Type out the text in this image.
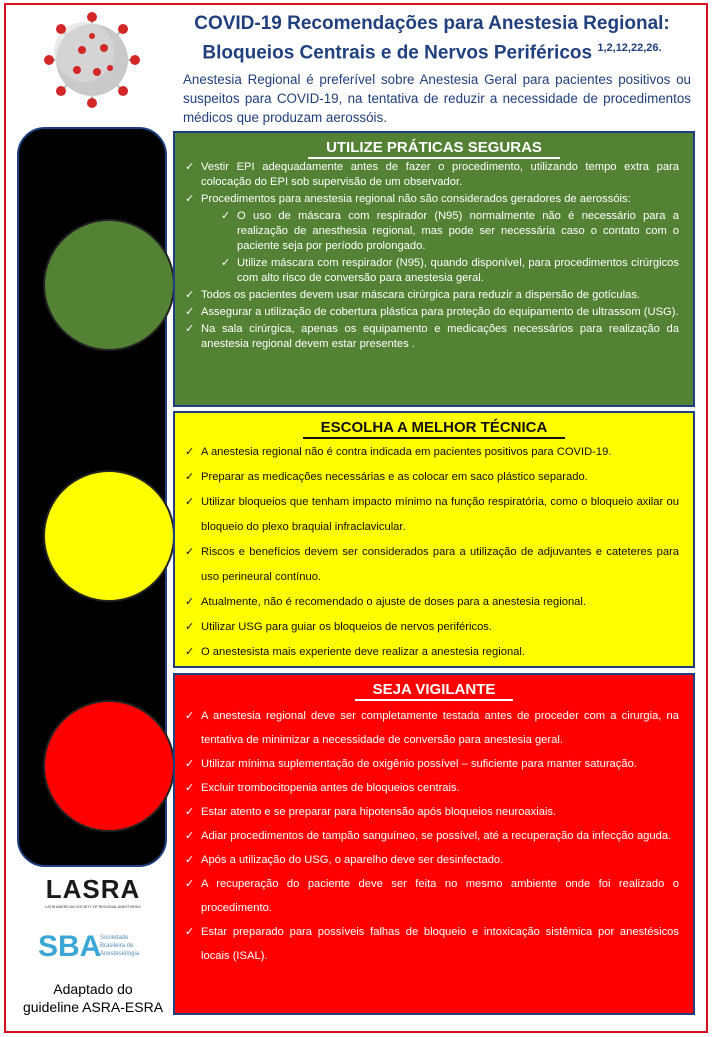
COVID-19 Recomendações para Anestesia Regional:
Bloqueios Centrais e de Nervos Periféricos $^{1,2,12,22,26.}$
Anestesia Regional é preferível sobre Anestesia Geral para pacientes positivos ou suspeitos para COVID-19, na tentativa de reduzir a necessidade de procedimentos médicos que produzam aerossóis.
LASRA
LATIN AMERICAN SOCIETY OF REGIONAL ANESTHESIA
SBA
Sociedade
Brasileira de
Anestesiologia
Adaptado do
guideline ASRA-ESRA
UTILIZE PRÁTICAS SEGURAS
✓ Vestir EPI adequadamente antes de fazer o procedimento, utilizando tempo extra para colocação do EPI sob supervisão de um observador.
✓ Procedimentos para anestesia regional não são considerados geradores de aerossóis:
✓ O uso de máscara com respirador (N95) normalmente não é necessário para a realização de anesthesia regional, mas pode ser necessária caso o contato com o paciente seja por período prolongado.
✓ Utilize máscara com respirador (N95), quando disponível, para procedimentos cirúrgicos com alto risco de conversão para anestesia geral.
✓ Todos os pacientes devem usar máscara cirúrgica para reduzir a dispersão de gotículas.
✓ Assegurar a utilização de cobertura plástica para proteção do equipamento de ultrassom (USG).
✓ Na sala cirúrgica, apenas os equipamento e medicações necessários para realização da anestesia regional devem estar presentes .
ESCOLHA A MELHOR TÉCNICA
✓ A anestesia regional não é contra indicada em pacientes positivos para COVID-19.
✓ Preparar as medicações necessárias e as colocar em saco plástico separado.
✓ Utilizar bloqueios que tenham impacto mínimo na função respiratória, como o bloqueio axilar ou bloqueio do plexo braquial infraclavicular.
✓ Riscos e benefícios devem ser considerados para a utilização de adjuvantes e cateteres para uso perineural contínuo.
✓ Atualmente, não é recomendado o ajuste de doses para a anestesia regional.
✓ Utilizar USG para guiar os bloqueios de nervos periféricos.
✓ O anestesista mais experiente deve realizar a anestesia regional.
SEJA VIGILANTE
✓ A anestesia regional deve ser completamente testada antes de proceder com a cirurgia, na tentativa de minimizar a necessidade de conversão para anestesia geral.
✓ Utilizar mínima suplementação de oxigênio possível – suficiente para manter saturação.
✓ Excluir trombocitopenia antes de bloqueios centrais.
✓ Estar atento e se preparar para hipotensão após bloqueios neuroaxiais.
✓ Adiar procedimentos de tampão sanguíneo, se possível, até a recuperação da infecção aguda.
✓ Após a utilização do USG, o aparelho deve ser desinfectado.
✓ A recuperação do paciente deve ser feita no mesmo ambiente onde foi realizado o procedimento.
✓ Estar preparado para possíveis falhas de bloqueio e intoxicação sistêmica por anestésicos locais (ISAL).
